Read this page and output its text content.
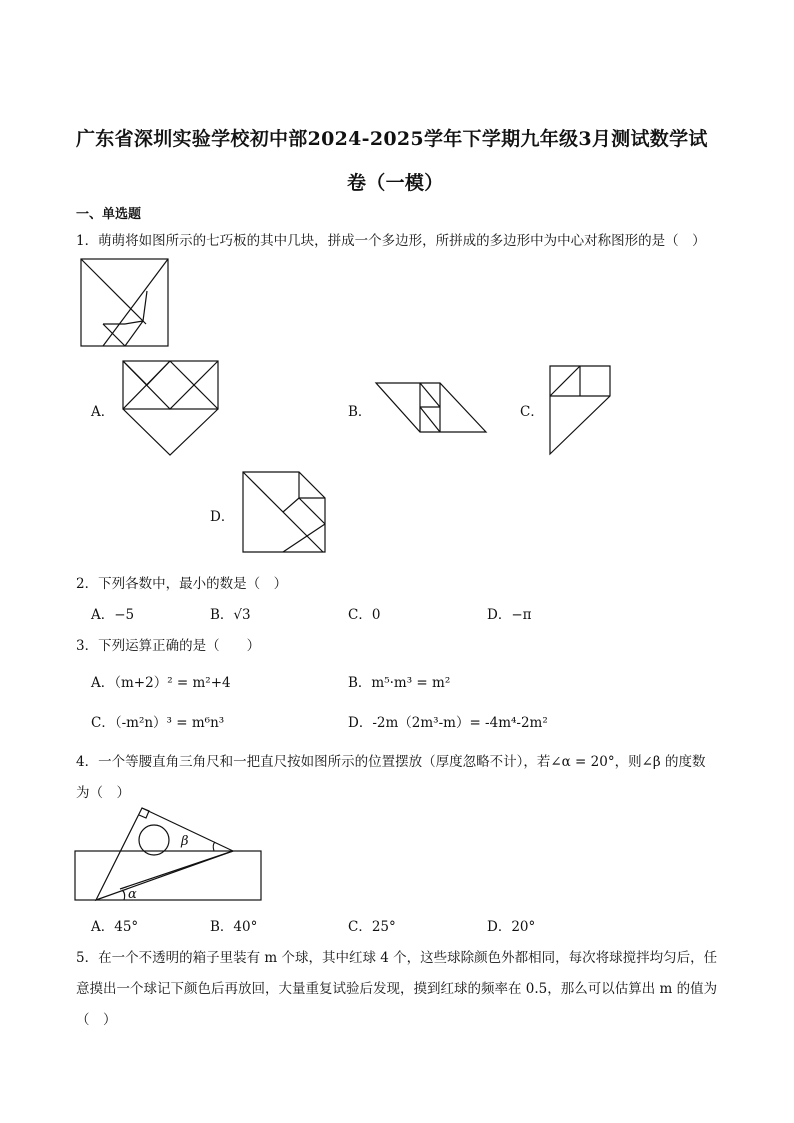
广东省深圳实验学校初中部2024-2025学年下学期九年级3月测试数学试
卷（一模）
一、单选题
1．萌萌将如图所示的七巧板的其中几块，拼成一个多边形，所拼成的多边形中为中心对称图形的是（　）
A．	B．	C．
D．
2．下列各数中，最小的数是（　）
A．−5	B．√3	C．0	D．−π
3．下列运算正确的是（　　）
A．（m+2）² = m²+4	B．m⁵·m³ = m²
C．（-m²n）³ = m⁶n³	D．-2m（2m³-m）= -4m⁴-2m²
4．一个等腰直角三角尺和一把直尺按如图所示的位置摆放（厚度忽略不计），若∠α = 20°，则∠β 的度数
为（　）
α
β
A．45°	B．40°	C．25°	D．20°
5．在一个不透明的箱子里装有 m 个球，其中红球 4 个，这些球除颜色外都相同，每次将球搅拌均匀后，任
意摸出一个球记下颜色后再放回，大量重复试验后发现，摸到红球的频率在 0.5，那么可以估算出 m 的值为
（　）
